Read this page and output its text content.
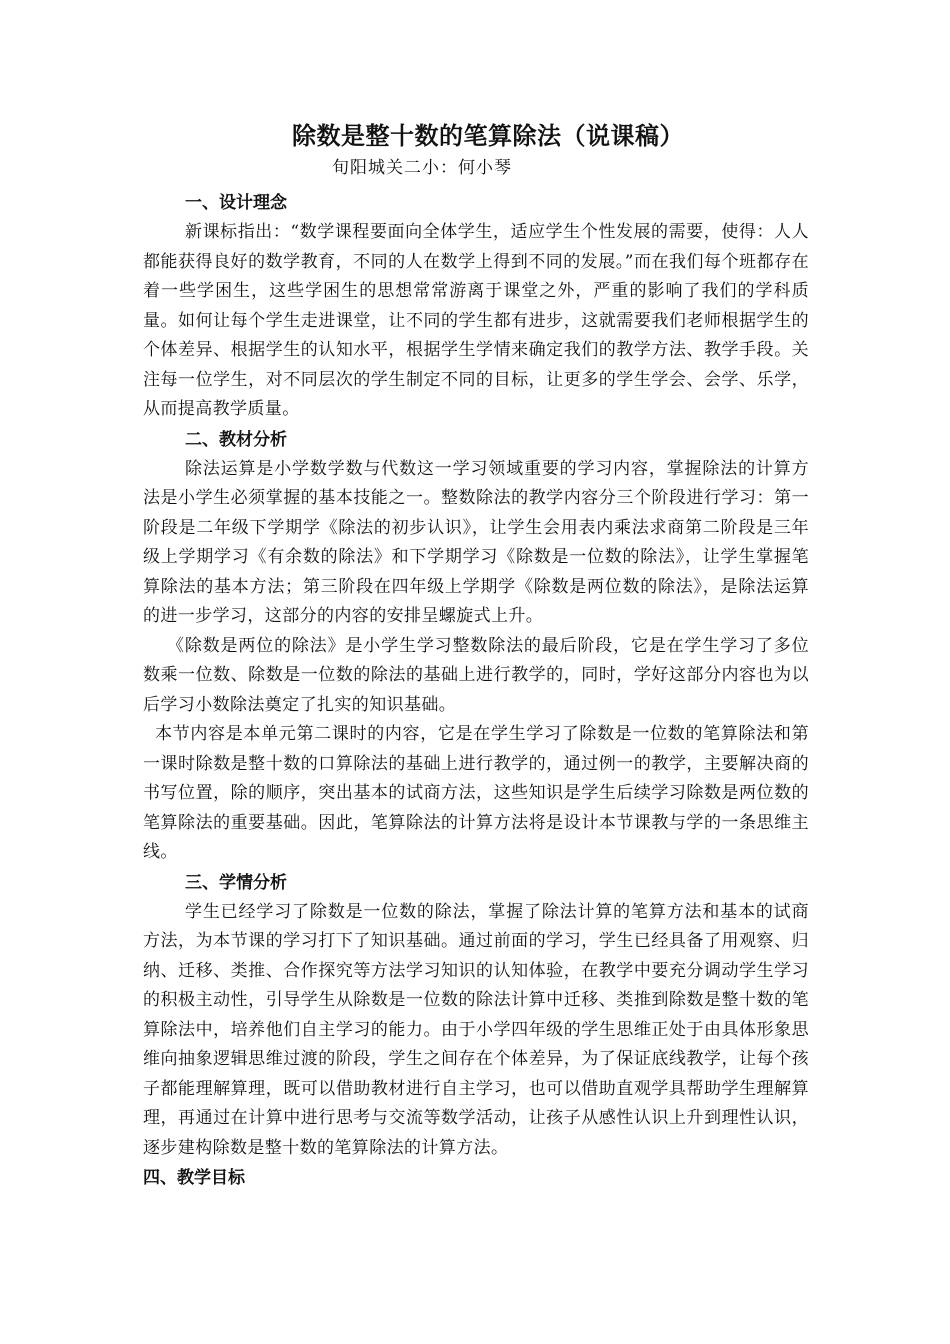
除数是整十数的笔算除法（说课稿）

旬阳城关二小：何小琴

一、设计理念

新课标指出：“数学课程要面向全体学生，适应学生个性发展的需要，使得：人人都能获得良好的数学教育，不同的人在数学上得到不同的发展。”而在我们每个班都存在着一些学困生，这些学困生的思想常常游离于课堂之外，严重的影响了我们的学科质量。如何让每个学生走进课堂，让不同的学生都有进步，这就需要我们老师根据学生的个体差异、根据学生的认知水平，根据学生学情来确定我们的教学方法、教学手段。关注每一位学生，对不同层次的学生制定不同的目标，让更多的学生学会、会学、乐学，从而提高教学质量。

二、教材分析

除法运算是小学数学数与代数这一学习领域重要的学习内容，掌握除法的计算方法是小学生必须掌握的基本技能之一。整数除法的教学内容分三个阶段进行学习：第一阶段是二年级下学期学《除法的初步认识》，让学生会用表内乘法求商第二阶段是三年级上学期学习《有余数的除法》和下学期学习《除数是一位数的除法》，让学生掌握笔算除法的基本方法；第三阶段在四年级上学期学《除数是两位数的除法》，是除法运算的进一步学习，这部分的内容的安排呈螺旋式上升。

《除数是两位的除法》是小学生学习整数除法的最后阶段，它是在学生学习了多位数乘一位数、除数是一位数的除法的基础上进行教学的，同时，学好这部分内容也为以后学习小数除法奠定了扎实的知识基础。

本节内容是本单元第二课时的内容，它是在学生学习了除数是一位数的笔算除法和第一课时除数是整十数的口算除法的基础上进行教学的，通过例一的教学，主要解决商的书写位置，除的顺序，突出基本的试商方法，这些知识是学生后续学习除数是两位数的笔算除法的重要基础。因此，笔算除法的计算方法将是设计本节课教与学的一条思维主线。

三、学情分析

学生已经学习了除数是一位数的除法，掌握了除法计算的笔算方法和基本的试商方法，为本节课的学习打下了知识基础。通过前面的学习，学生已经具备了用观察、归纳、迁移、类推、合作探究等方法学习知识的认知体验，在教学中要充分调动学生学习的积极主动性，引导学生从除数是一位数的除法计算中迁移、类推到除数是整十数的笔算除法中，培养他们自主学习的能力。由于小学四年级的学生思维正处于由具体形象思维向抽象逻辑思维过渡的阶段，学生之间存在个体差异，为了保证底线教学，让每个孩子都能理解算理，既可以借助教材进行自主学习，也可以借助直观学具帮助学生理解算理，再通过在计算中进行思考与交流等数学活动，让孩子从感性认识上升到理性认识，逐步建构除数是整十数的笔算除法的计算方法。

四、教学目标
